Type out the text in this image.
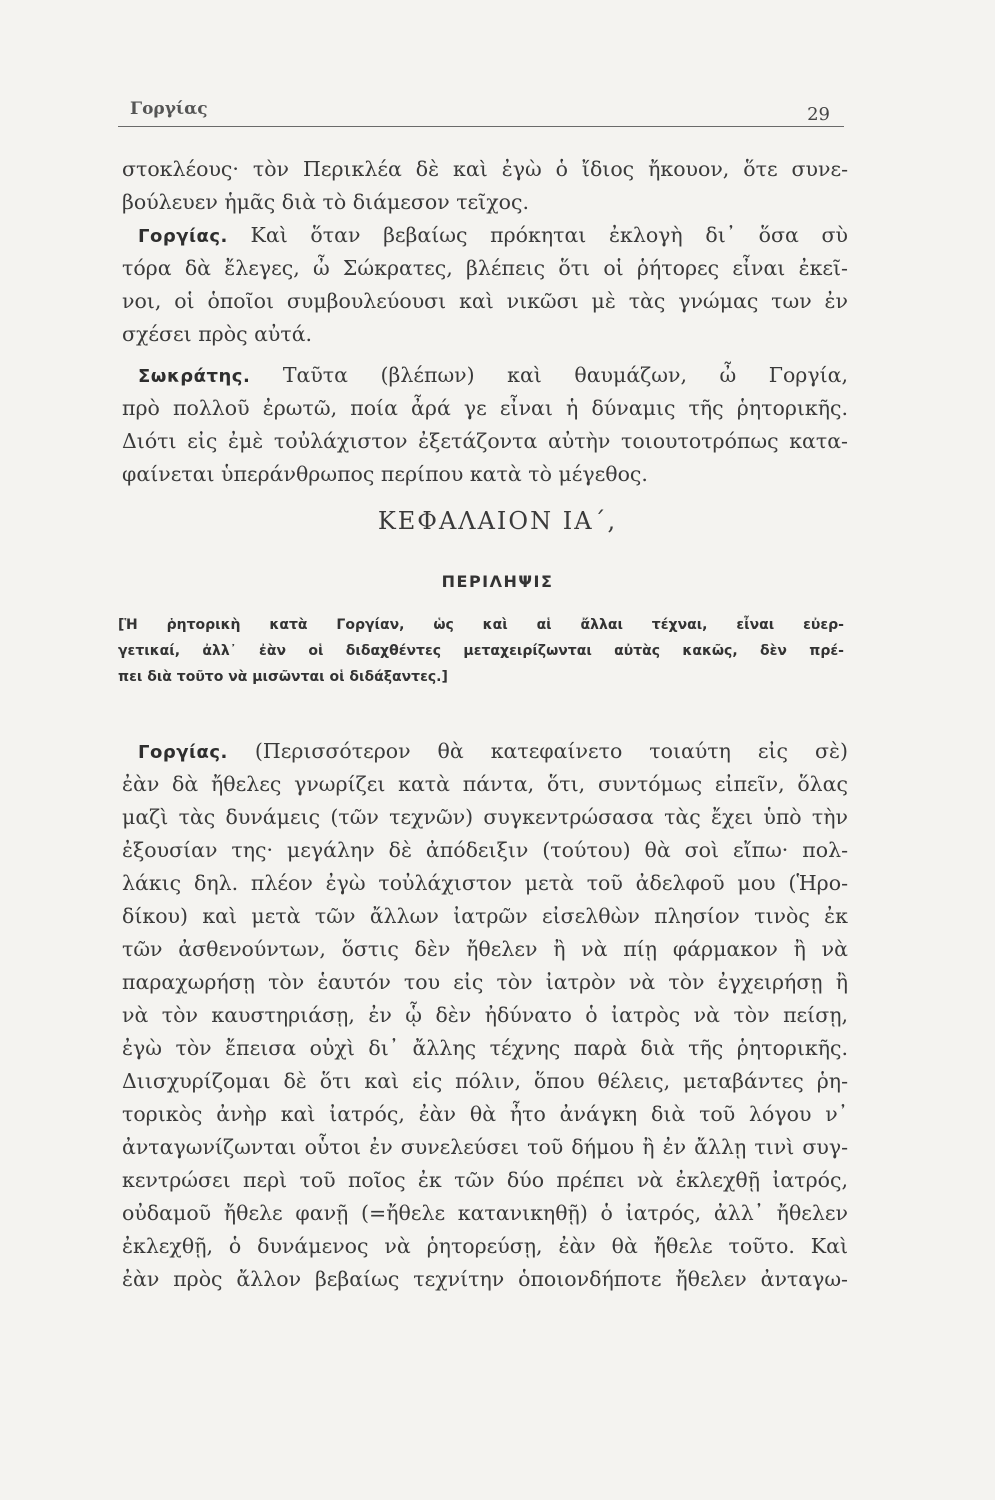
Γοργίας	29
στοκλέους· τὸν Περικλέα δὲ καὶ ἐγὼ ὁ ἴδιος ἤκουον, ὅτε συνε-
βούλευεν ἡμᾶς διὰ τὸ διάμεσον τεῖχος.
Γοργίας. Καὶ ὅταν βεβαίως πρόκηται ἐκλογὴ δι᾽ ὅσα σὺ
τόρα δὰ ἔλεγες, ὦ Σώκρατες, βλέπεις ὅτι οἱ ῥήτορες εἶναι ἐκεῖ-
νοι, οἱ ὁποῖοι συμβουλεύουσι καὶ νικῶσι μὲ τὰς γνώμας των ἐν
σχέσει πρὸς αὐτά.
Σωκράτης. Ταῦτα (βλέπων) καὶ θαυμάζων, ὦ Γοργία,
πρὸ πολλοῦ ἐρωτῶ, ποία ἆρά γε εἶναι ἡ δύναμις τῆς ῥητορικῆς.
Διότι εἰς ἐμὲ τοὐλάχιστον ἐξετάζοντα αὐτὴν τοιουτοτρόπως κατα-
φαίνεται ὑπεράνθρωπος περίπου κατὰ τὸ μέγεθος.
ΚΕΦΑΛΑΙΟΝ ΙΑ΄,
ΠΕΡΙΛΗΨΙΣ
[Ἡ ῥητορικὴ κατὰ Γοργίαν, ὡς καὶ αἱ ἄλλαι τέχναι, εἶναι εὐερ-
γετικαί, ἀλλ᾽ ἐὰν οἱ διδαχθέντες μεταχειρίζωνται αὐτὰς κακῶς, δὲν πρέ-
πει διὰ τοῦτο νὰ μισῶνται οἱ διδάξαντες.]
Γοργίας. (Περισσότερον θὰ κατεφαίνετο τοιαύτη εἰς σὲ)
ἐὰν δὰ ἤθελες γνωρίζει κατὰ πάντα, ὅτι, συντόμως εἰπεῖν, ὅλας
μαζὶ τὰς δυνάμεις (τῶν τεχνῶν) συγκεντρώσασα τὰς ἔχει ὑπὸ τὴν
ἐξουσίαν της· μεγάλην δὲ ἀπόδειξιν (τούτου) θὰ σοὶ εἴπω· πολ-
λάκις δηλ. πλέον ἐγὼ τοὐλάχιστον μετὰ τοῦ ἀδελφοῦ μου (Ἡρο-
δίκου) καὶ μετὰ τῶν ἄλλων ἰατρῶν εἰσελθὼν πλησίον τινὸς ἐκ
τῶν ἀσθενούντων, ὅστις δὲν ἤθελεν ἢ νὰ πίῃ φάρμακον ἢ νὰ
παραχωρήσῃ τὸν ἑαυτόν του εἰς τὸν ἰατρὸν νὰ τὸν ἐγχειρήσῃ ἢ
νὰ τὸν καυστηριάσῃ, ἐν ᾧ δὲν ἠδύνατο ὁ ἰατρὸς νὰ τὸν πείσῃ,
ἐγὼ τὸν ἔπεισα οὐχὶ δι᾽ ἄλλης τέχνης παρὰ διὰ τῆς ῥητορικῆς.
Διισχυρίζομαι δὲ ὅτι καὶ εἰς πόλιν, ὅπου θέλεις, μεταβάντες ῥη-
τορικὸς ἀνὴρ καὶ ἰατρός, ἐὰν θὰ ἦτο ἀνάγκη διὰ τοῦ λόγου ν᾽
ἀνταγωνίζωνται οὗτοι ἐν συνελεύσει τοῦ δήμου ἢ ἐν ἄλλῃ τινὶ συγ-
κεντρώσει περὶ τοῦ ποῖος ἐκ τῶν δύο πρέπει νὰ ἐκλεχθῇ ἰατρός,
οὐδαμοῦ ἤθελε φανῇ (=ἤθελε κατανικηθῇ) ὁ ἰατρός, ἀλλ᾽ ἤθελεν
ἐκλεχθῇ, ὁ δυνάμενος νὰ ῥητορεύσῃ, ἐὰν θὰ ἤθελε τοῦτο. Καὶ
ἐὰν πρὸς ἄλλον βεβαίως τεχνίτην ὁποιονδήποτε ἤθελεν ἀνταγω-
